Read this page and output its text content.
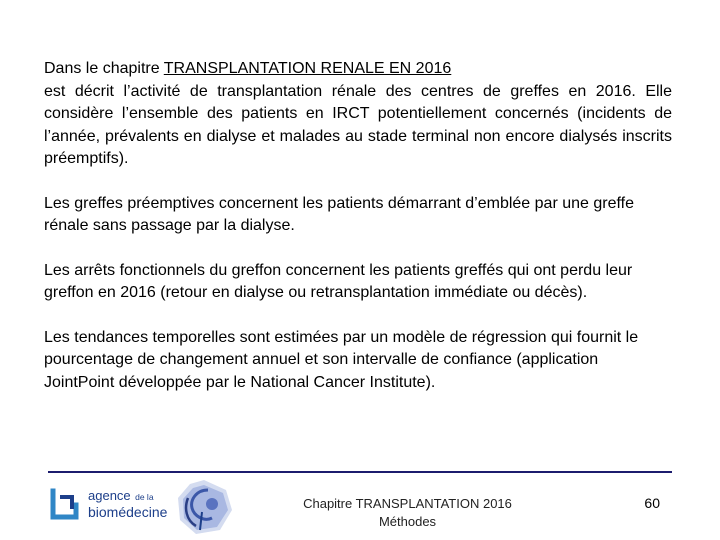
Dans le chapitre TRANSPLANTATION RENALE EN 2016

est décrit l’activité de transplantation rénale des centres de greffes en 2016. Elle considère l’ensemble des patients en IRCT potentiellement concernés (incidents de l’année, prévalents en dialyse et malades au stade terminal non encore dialysés inscrits préemptifs).

Les greffes préemptives concernent les patients démarrant d’emblée par une greffe rénale sans passage par la dialyse.

Les arrêts fonctionnels du greffon concernent les patients greffés qui ont perdu leur greffon en 2016 (retour en dialyse ou retransplantation immédiate ou décès).

Les tendances temporelles sont estimées par un modèle de régression qui fournit le pourcentage de changement annuel et son intervalle de confiance (application JointPoint développée par le National Cancer Institute).

agence de la
biomédecine
Chapitre TRANSPLANTATION 2016
Méthodes
60
